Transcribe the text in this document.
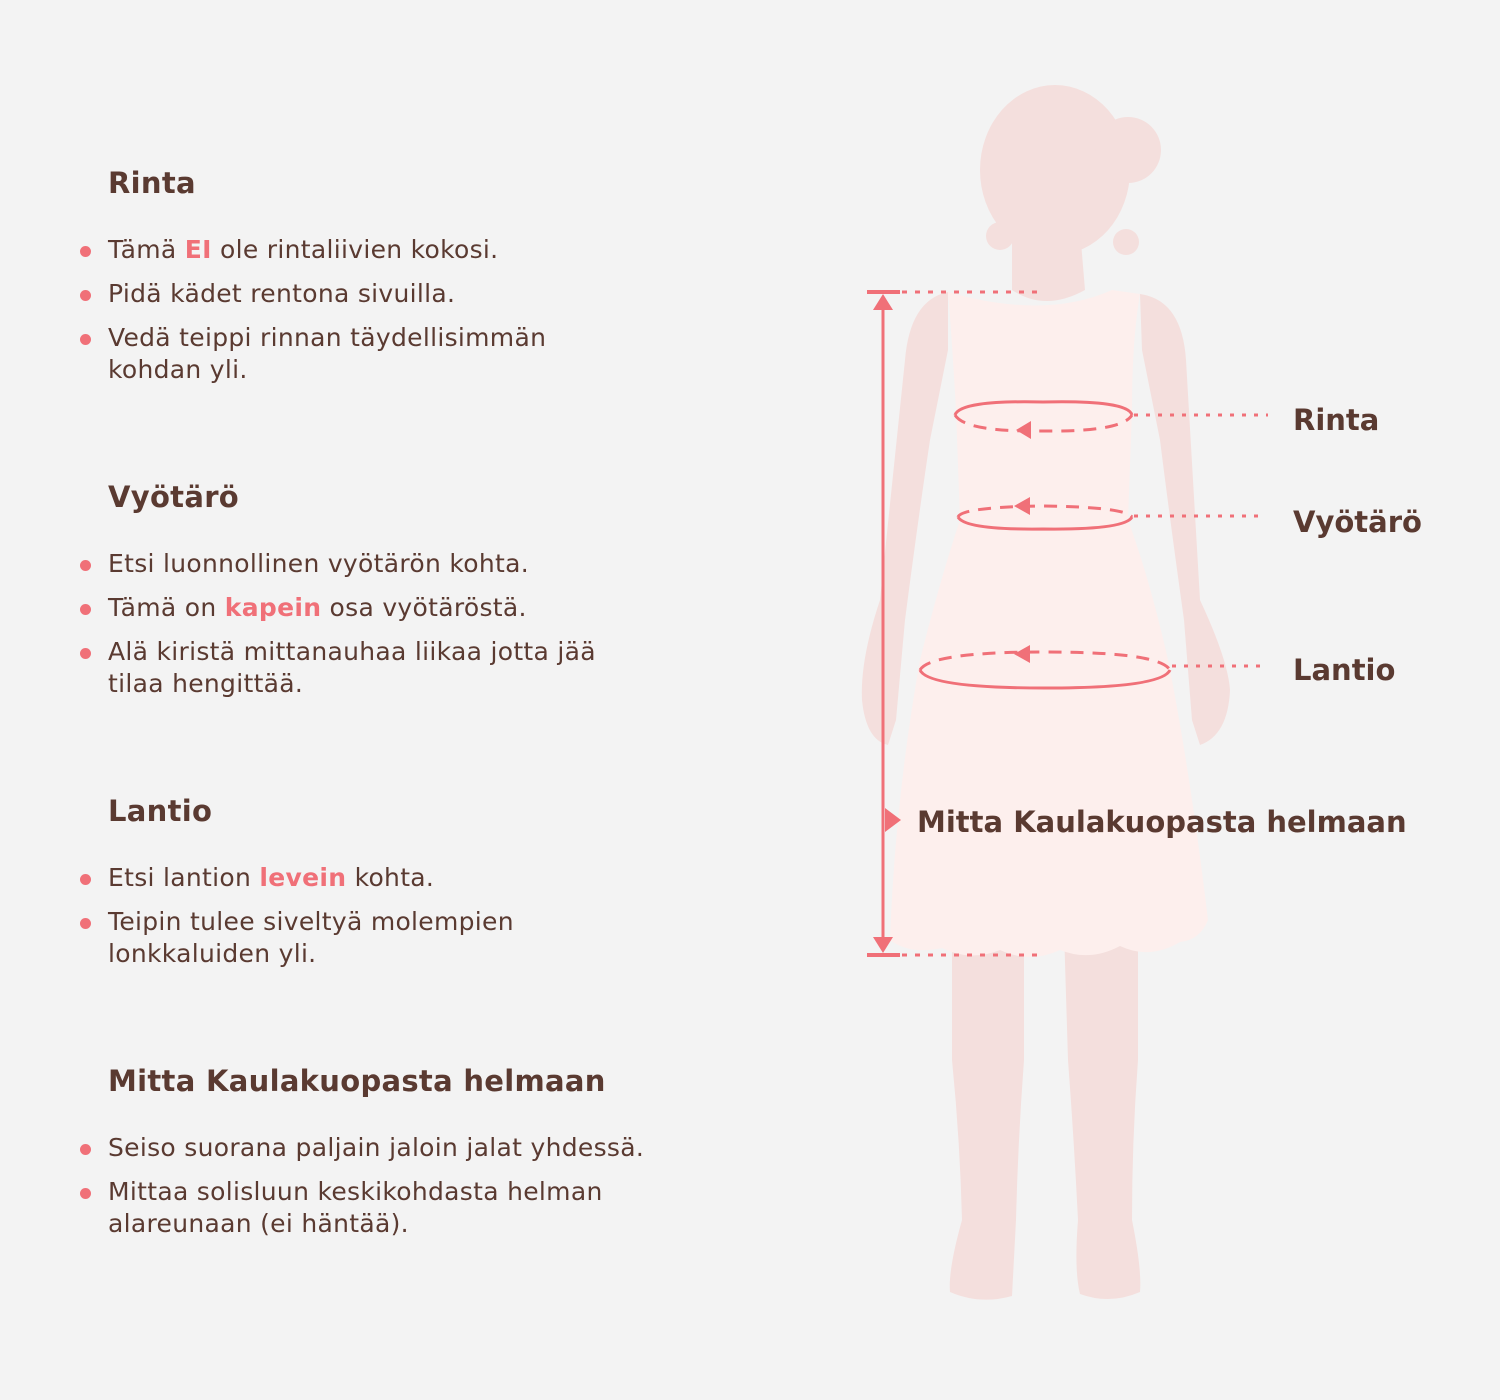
Rinta
Tämä EI ole rintaliivien kokosi.
Pidä kädet rentona sivuilla.
Vedä teippi rinnan täydellisimmän kohdan yli.
Vyötärö
Etsi luonnollinen vyötärön kohta.
Tämä on kapein osa vyötäröstä.
Alä kiristä mittanauhaa liikaa jotta jää tilaa hengittää.
Lantio
Etsi lantion levein kohta.
Teipin tulee siveltyä molempien lonkkaluiden yli.
Mitta Kaulakuopasta helmaan
Seiso suorana paljain jaloin jalat yhdessä.
Mittaa solisluun keskikohdasta helman alareunaan (ei häntää).
Rinta
Vyötärö
Lantio
Mitta Kaulakuopasta helmaan
